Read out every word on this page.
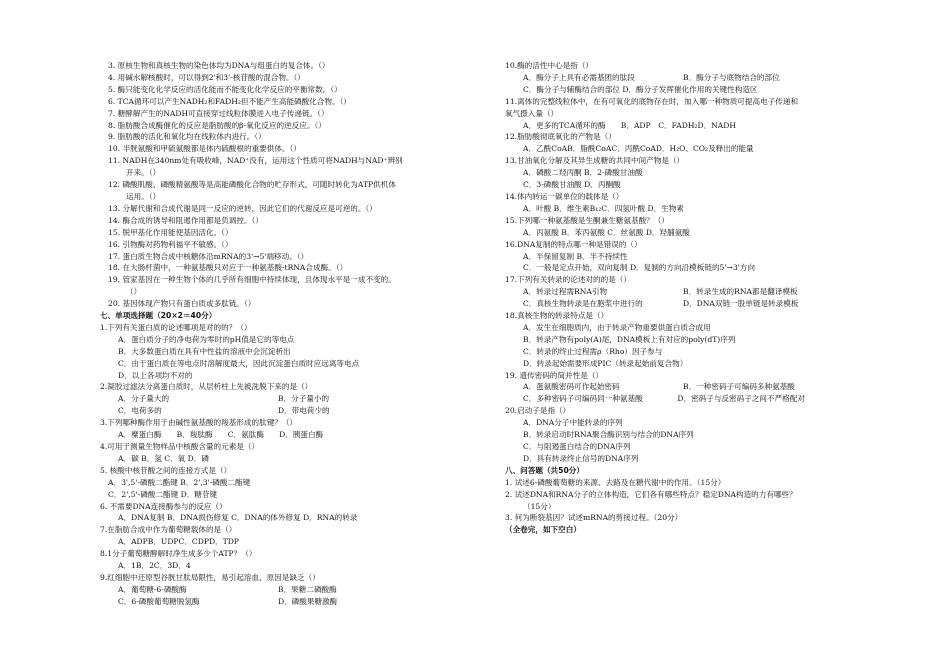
3. 原核生物和真核生物的染色体均为DNA与组蛋白的复合体。（）
4. 用碱水解核酸时，可以得到2'和3'-核苷酸的混合物。（）
5. 酶只能变化化学反应的活化能而不能变化化学反应的平衡常数。（）
6. TCA循环可以产生NADH₂和FADH₂但不能产生高能磷酸化合物。（）
7. 糖酵解产生的NADH可直接穿过线粒体膜进入电子传递链。（）
8. 脂肪酸合成酶催化的反应是脂肪酸的β-氧化反应的逆反应。（）
9. 脂肪酸的活化和氧化均在线粒体内进行。（）
10. 半胱氨酸和甲硫氨酸都是体内硫酸根的重要供体。（）
11. NADH在340nm处有吸收峰，NAD⁺没有，运用这个性质可将NADH与NAD⁺辨别
开来。（）
12. 磷酸肌酸、磷酸精氨酸等是高能磷酸化合物的贮存形式，可随时转化为ATP供机体
运用。（）
13. 分解代谢和合成代谢是同一反应的逆转，因此它们的代谢反应是可逆的。（）
14. 酶合成的诱导和阻遏作用都是负调控。（）
15. 脱甲基化作用能使基因活化。（）
16. 引物酶对药物利福平不敏感。（）
17. 蛋白质生物合成中核糖体沿mRNA的3'→5'端移动。（）
18. 在大肠杆菌中，一种氨基酸只对应于一种氨基酸-tRNA合成酶。（）
19. 管家基因在一种生物个体的几乎所有细胞中持续体现，且体现水平是一成不变的。
（）
20. 基因体现产物只有蛋白质或多肽链。（）
七、单项选择题（20×2＝40分）
1.下列有关蛋白质的论述哪项是对的的？（）
A．蛋白质分子的净电荷为零时的pH值是它的等电点
B．大多数蛋白质在具有中性盐的溶液中会沉淀析出
C．由于蛋白质在等电点时溶解度最大，因此沉淀蛋白质时应远离等电点
D．以上各项均不对的
2.凝胶过滤法分离蛋白质时，从层析柱上先被洗脱下来的是（）
A．分子量大的	B．分子量小的
C．电荷多的	D．带电荷少的
3.下列哪种酶作用于由碱性氨基酸的羧基形成的肽键？（）
A．糜蛋白酶　　B．羧肽酶　　C．氨肽酶　　D．胰蛋白酶
4.可用于测量生物样品中核酸含量的元素是（）
A．碳 B．氢 C．氧 D．磷
5. 核酸中核苷酸之间的连接方式是（）
A．3',5'-磷酸二酯键 B．2',3'-磷酸二酯键
C．2',5'-磷酸二酯键 D．糖苷键
6. 不需要DNA连接酶参与的反应（）
A．DNA复制 B．DNA损伤修复 C．DNA的体外修复 D．RNA的转录
7.在脂肪合成中作为葡萄糖载体的是（）
A．ADPB．UDPC．CDPD．TDP
8.1分子葡萄糖酵解时净生成多少个ATP？（）
A．1B．2C．3D．4
9.红细胞中还原型谷胱甘肽局限性，易引起溶血，原因是缺乏（）
A．葡萄糖-6-磷酸酶	B．果糖二磷酸酶
C．6-磷酸葡萄糖脱氢酶	D．磷酸果糖激酶
10.酶的活性中心是指（）
A．酶分子上具有必需基团的肽段	B．酶分子与底物结合的部位
C．酶分子与辅酶结合的部位 D．酶分子发挥催化作用的关键性构造区
11.离体的完整线粒体中，在有可氧化的底物存在时，加入哪一种物质可提高电子传递和
氧气摄入量（）
A．更多的TCA循环的酶　　B．ADP　C．FADH₂D．NADH
12.脂肪酸彻底氧化的产物是（）
A．乙酰CoAB．脂酰CoAC．丙酰CoAD．H₂O、CO₂及释出的能量
13.甘油氧化分解及其异生成糖的共同中间产物是（）
A．磷酸二羟丙酮 B．2-磷酸甘油酸
C．3-磷酸甘油酸 D．丙酮酸
14.体内转运一碳单位的载体是（）
A．叶酸 B．维生素B₁₂C．四氢叶酸 D．生物素
15.下列哪一种氨基酸是生酮兼生糖氨基酸？（）
A．丙氨酸 B．苯丙氨酸 C．丝氨酸 D．羟脯氨酸
16.DNA复制的特点哪一种是错误的（）
A．半保留复制 B．半不持续性
C．一般是定点开始，双向复制 D．复制的方向沿模板链的5'→3'方向
17.下列有关转录的论述对的的是（）
A．转录过程需RNA引物	B．转录生成的RNA都是翻译模板
C．真核生物转录是在胞浆中进行的	D．DNA双链一股单链是转录模板
18.真核生物的转录特点是（）
A．发生在细胞质内，由于转录产物重要供蛋白质合成用
B．转录产物有poly(A)尾，DNA模板上有对应的poly(dT)序列
C．转录的终止过程需ρ（Rho）因子参与
D．转录起始需要形成PIC（转录起始前复合物）
19. 遗传密码的简并性是（）
A．蛋氨酸密码可作起始密码	B．一种密码子可编码多种氨基酸
C．多种密码子可编码同一种氨基酸	D．密码子与反密码子之间不严格配对
20.启动子是指（）
A．DNA分子中能转录的序列
B．转录启动时RNA聚合酶识别与结合的DNA序列
C．与阻遏蛋白结合的DNA序列
D．具有转录终止信号的DNA序列
八、问答题（共50分）
1. 试述6-磷酸葡萄糖的来源、去路及在糖代谢中的作用。（15分）
2. 试述DNA和RNA分子的立体构造，它们各有哪些特点？稳定DNA构造的力有哪些？
（15分）
3. 何为断裂基因？试述mRNA的剪接过程。（20分）
（全卷完，如下空白）
